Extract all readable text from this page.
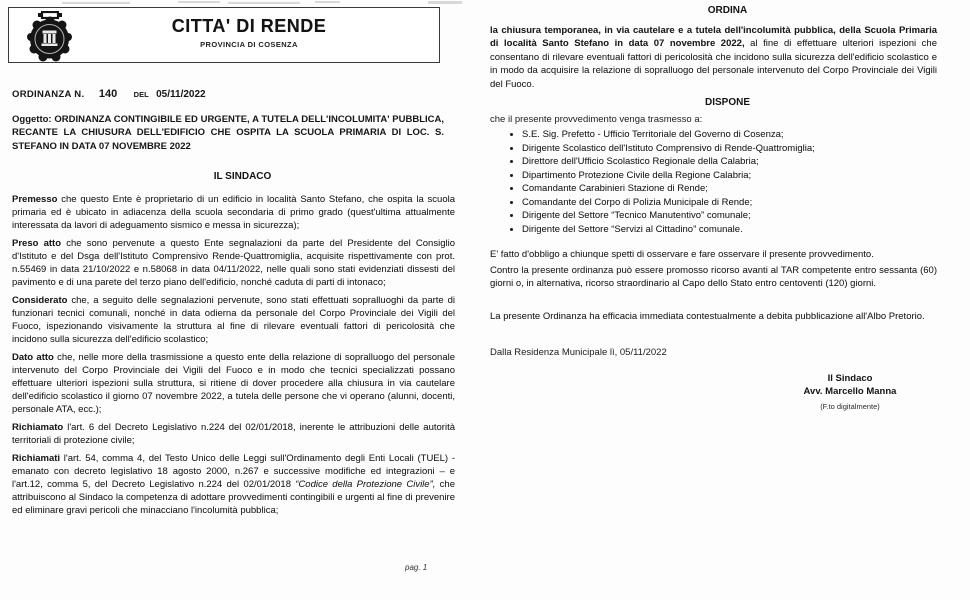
CITTA' DI RENDE
PROVINCIA DI COSENZA
ORDINANZA N. 140 DEL 05/11/2022
Oggetto: ORDINANZA CONTINGIBILE ED URGENTE, A TUTELA DELL'INCOLUMITA' PUBBLICA, RECANTE LA CHIUSURA DELL'EDIFICIO CHE OSPITA LA SCUOLA PRIMARIA DI LOC. S. STEFANO IN DATA 07 NOVEMBRE 2022
IL SINDACO

Premesso che questo Ente è proprietario di un edificio in località Santo Stefano, che ospita la scuola primaria ed è ubicato in adiacenza della scuola secondaria di primo grado (quest'ultima attualmente interessata da lavori di adeguamento sismico e messa in sicurezza);

Preso atto che sono pervenute a questo Ente segnalazioni da parte del Presidente del Consiglio d'Istituto e del Dsga dell'Istituto Comprensivo Rende-Quattromiglia, acquisite rispettivamente con prot. n.55469 in data 21/10/2022 e n.58068 in data 04/11/2022, nelle quali sono stati evidenziati dissesti del pavimento e di una parete del terzo piano dell'edificio, nonché caduta di parti di intonaco;

Considerato che, a seguito delle segnalazioni pervenute, sono stati effettuati sopralluoghi da parte di funzionari tecnici comunali, nonché in data odierna da personale del Corpo Provinciale dei Vigili del Fuoco, ispezionando visivamente la struttura al fine di rilevare eventuali fattori di pericolosità che incidono sulla sicurezza dell'edificio scolastico;

Dato atto che, nelle more della trasmissione a questo ente della relazione di sopralluogo del personale intervenuto del Corpo Provinciale dei Vigili del Fuoco e in modo che tecnici specializzati possano effettuare ulteriori ispezioni sulla struttura, si ritiene di dover procedere alla chiusura in via cautelare dell'edificio scolastico il giorno 07 novembre 2022, a tutela delle persone che vi operano (alunni, docenti, personale ATA, ecc.);

Richiamato l'art. 6 del Decreto Legislativo n.224 del 02/01/2018, inerente le attribuzioni delle autorità territoriali di protezione civile;

Richiamati l'art. 54, comma 4, del Testo Unico delle Leggi sull'Ordinamento degli Enti Locali (TUEL) - emanato con decreto legislativo 18 agosto 2000, n.267 e successive modifiche ed integrazioni – e l'art.12, comma 5, del Decreto Legislativo n.224 del 02/01/2018 “Codice della Protezione Civile”, che attribuiscono al Sindaco la competenza di adottare provvedimenti contingibili e urgenti al fine di prevenire ed eliminare gravi pericoli che minacciano l'incolumità pubblica;

pag. 1
ORDINA

la chiusura temporanea, in via cautelare e a tutela dell'incolumità pubblica, della Scuola Primaria di località Santo Stefano in data 07 novembre 2022, al fine di effettuare ulteriori ispezioni che consentano di rilevare eventuali fattori di pericolosità che incidono sulla sicurezza dell'edificio scolastico e in modo da acquisire la relazione di sopralluogo del personale intervenuto del Corpo Provinciale dei Vigili del Fuoco.

DISPONE
che il presente provvedimento venga trasmesso a:
• S.E. Sig. Prefetto - Ufficio Territoriale del Governo di Cosenza;
• Dirigente Scolastico dell'Istituto Comprensivo di Rende-Quattromiglia;
• Direttore dell'Ufficio Scolastico Regionale della Calabria;
• Dipartimento Protezione Civile della Regione Calabria;
• Comandante Carabinieri Stazione di Rende;
• Comandante del Corpo di Polizia Municipale di Rende;
• Dirigente del Settore “Tecnico Manutentivo” comunale;
• Dirigente del Settore “Servizi al Cittadino” comunale.

E' fatto d'obbligo a chiunque spetti di osservare e fare osservare il presente provvedimento.

Contro la presente ordinanza può essere promosso ricorso avanti al TAR competente entro sessanta (60) giorni o, in alternativa, ricorso straordinario al Capo dello Stato entro centoventi (120) giorni.

La presente Ordinanza ha efficacia immediata contestualmente a debita pubblicazione all'Albo Pretorio.

Dalla Residenza Municipale lì, 05/11/2022
Il Sindaco
Avv. Marcello Manna
(F.to digitalmente)
